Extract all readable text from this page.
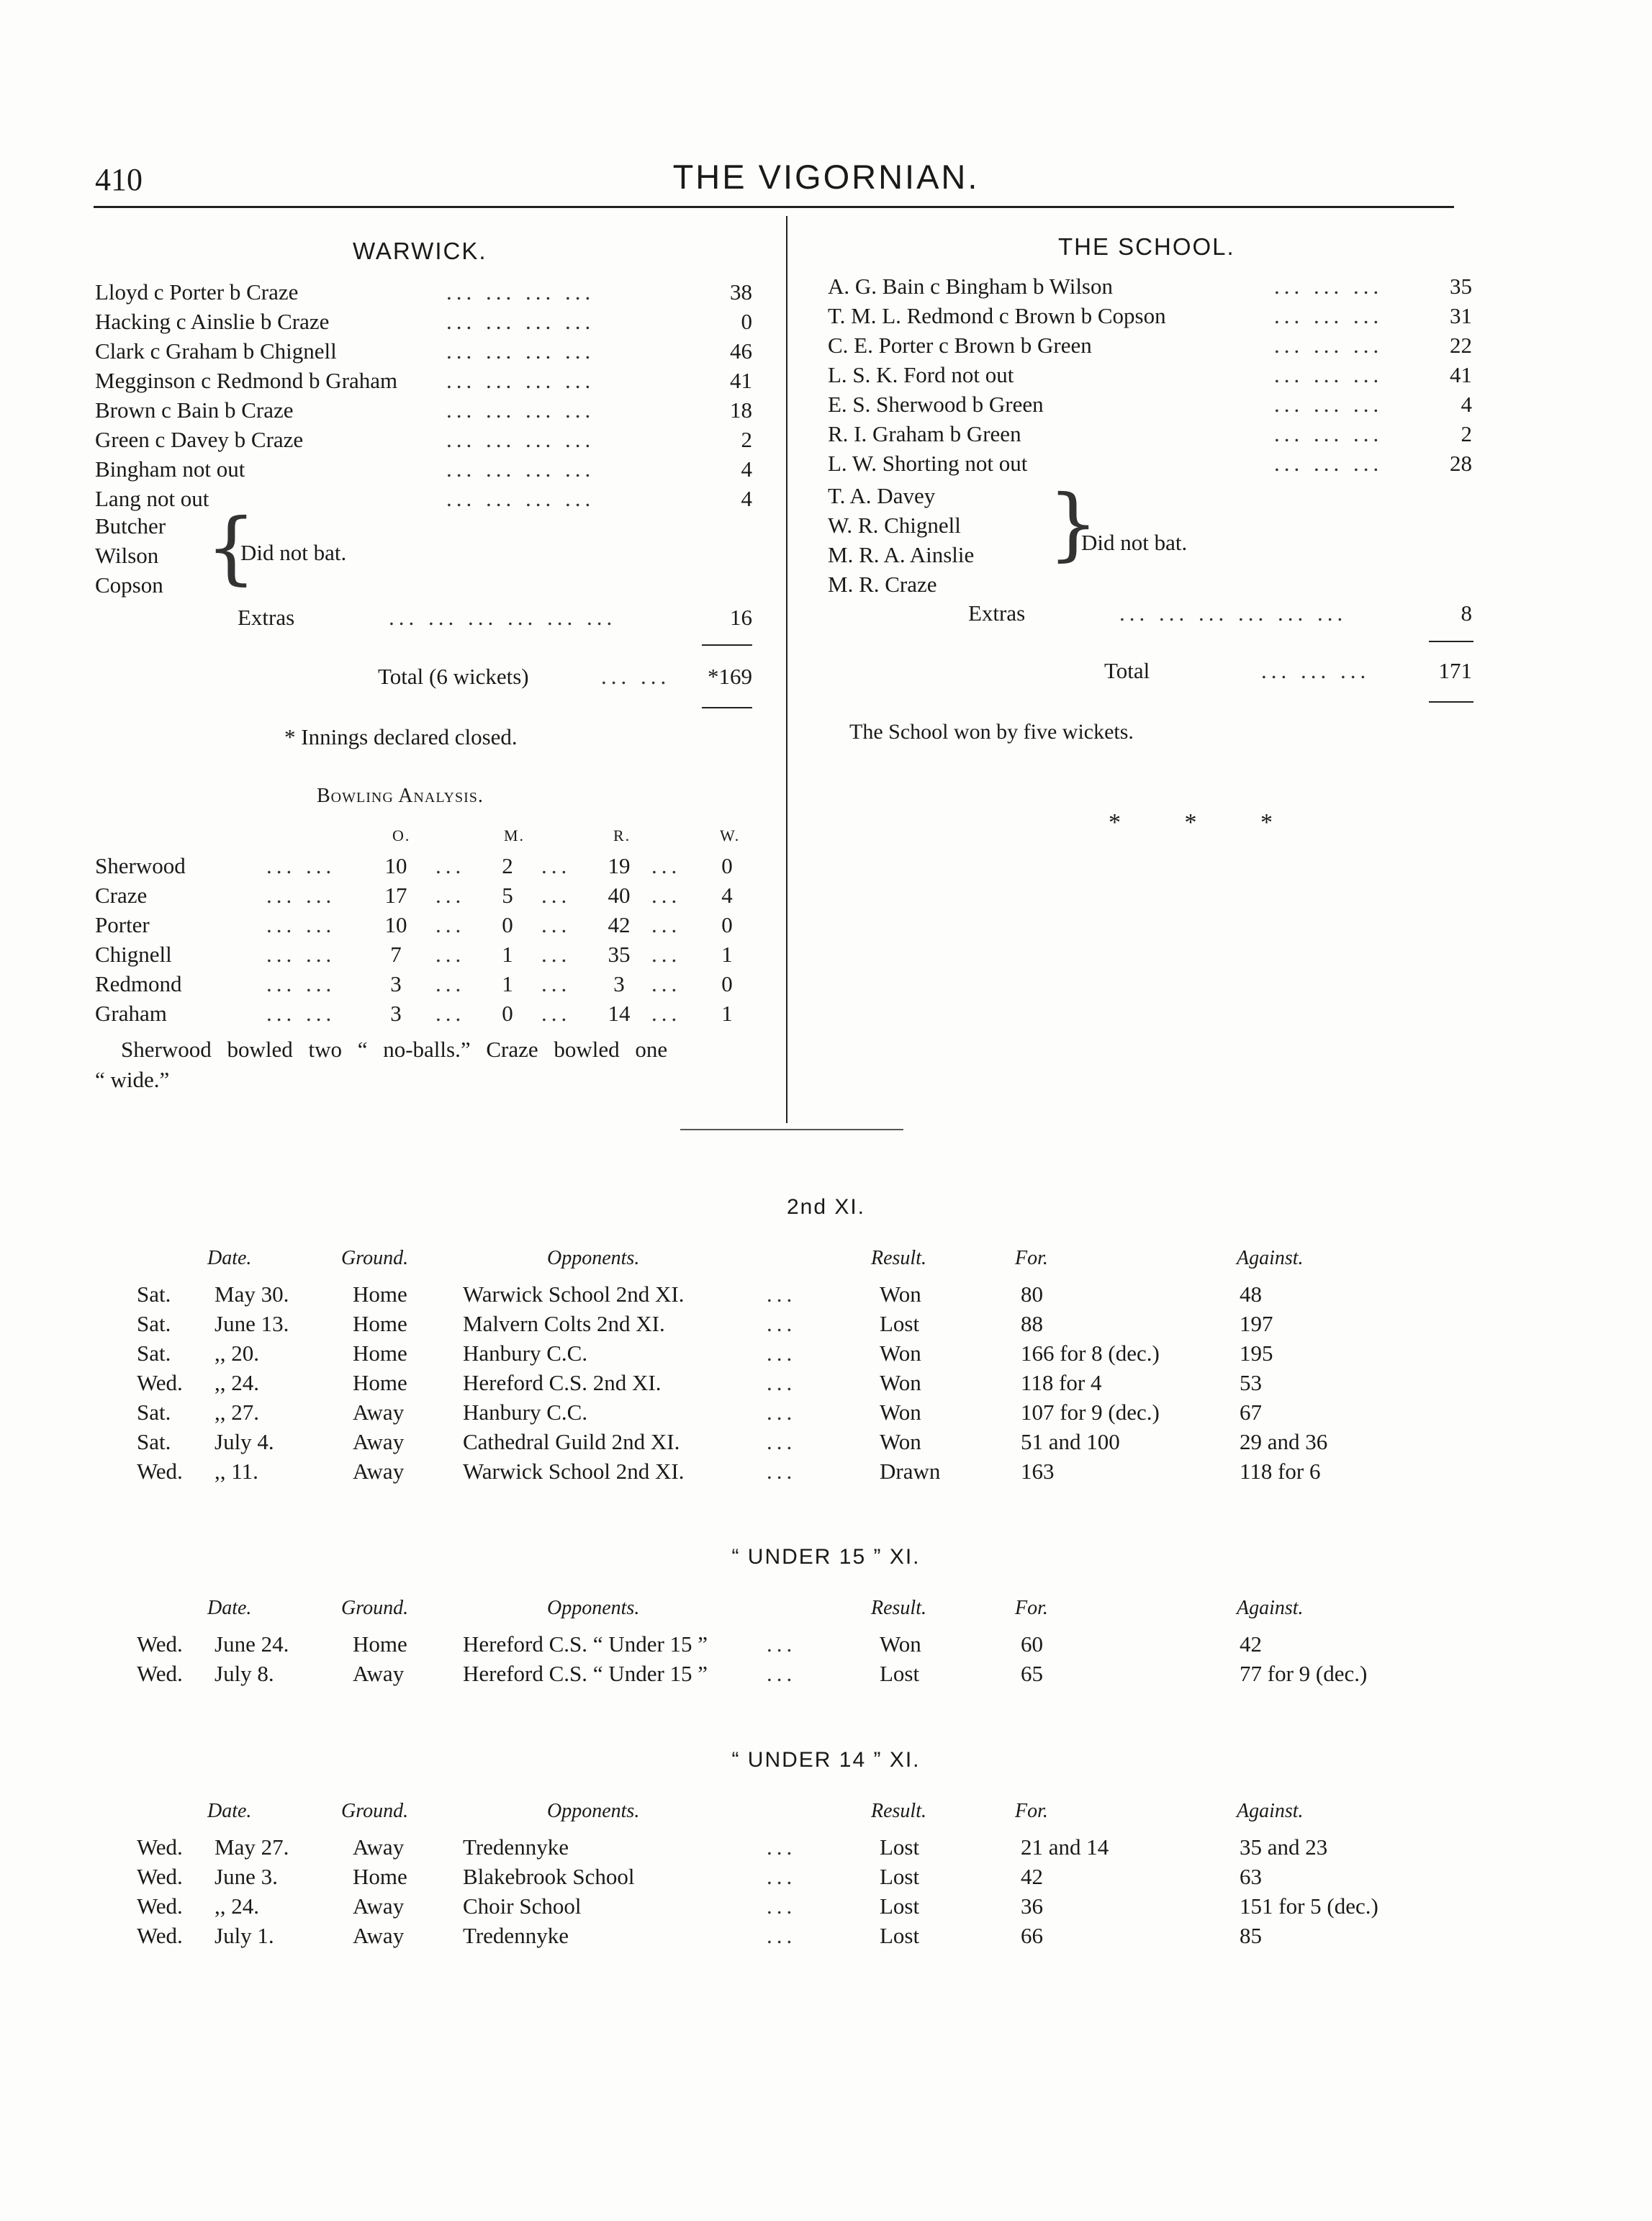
410	THE VIGORNIAN.
WARWICK.
Lloyd c Porter b Craze	... ... ... ...	38
Hacking c Ainslie b Craze	... ... ... ...	0
Clark c Graham b Chignell	... ... ... ...	46
Megginson c Redmond b Graham ... ... ... ...	41
Brown c Bain b Craze	... ... ... ...	18
Green c Davey b Craze	... ... ... ...	2
Bingham not out	... ... ... ...	4
Lang not out	... ... ... ...	4
Butcher
Wilson
Copson {
Did not bat.
Extras	... ... ... ... ... ...	16
Total (6 wickets)	... ...	*169
* Innings declared closed.
Bowling Analysis.
O.	M.	R.	W.
Sherwood	... ...	10	...	2	...	19 ...	0
Craze	... ...	17	...	5	...	40 ...	4
Porter	... ...	10	...	0	...	42 ...	0
Chignell	... ...	7	...	1	...	35 ...	1
Redmond	... ...	3	...	1	...	3	...	0
Graham	... ...	3	...	0	...	14 ...	1
Sherwood bowled two “ no-balls.” Craze bowled one
“ wide.”
THE SCHOOL.
A. G. Bain c Bingham b Wilson	... ... ...	35
T. M. L. Redmond c Brown b Copson	... ... ...	31
C. E. Porter c Brown b Green	... ... ...	22
L. S. K. Ford not out	... ... ...	41
E. S. Sherwood b Green	... ... ...	4
R. I. Graham b Green	... ... ...	2
L. W. Shorting not out	... ... ...	28
T. A. Davey
W. R. Chignell
M. R. A. Ainslie
M. R. Craze
}
Did not bat.
Extras	... ... ... ... ... ...	8
Total	... ... ...	171
The School won by five wickets.
* * *
2nd XI.
Date.	Ground.	Opponents.	Result.	For.	Against.
Sat. May 30.	Home Warwick School 2nd XI.	...	Won	80	48
Sat. June 13.	Home Malvern Colts 2nd XI.	...	Lost	88	197
Sat. ,, 20.	Home Hanbury C.C.	...	Won	166 for 8 (dec.)	195
Wed. ,, 24.	Home Hereford C.S. 2nd XI.	...	Won	118 for 4	53
Sat. ,, 27.	Away	Hanbury C.C.	...	Won	107 for 9 (dec.)	67
Sat. July 4.	Away	Cathedral Guild 2nd XI.	...	Won	51 and 100	29 and 36
Wed. ,, 11.	Away	Warwick School 2nd XI.	...	Drawn	163	118 for 6
“ UNDER 15 ” XI.
Date.	Ground.	Opponents.	Result.	For.	Against.
Wed. June 24.	Home Hereford C.S. “ Under 15 ”	...	Won	60	42
Wed. July 8.	Away	Hereford C.S. “ Under 15 ”	...	Lost	65	77 for 9 (dec.)
“ UNDER 14 ” XI.
Date.	Ground.	Opponents.	Result.	For.	Against.
Wed. May 27.	Away	Tredennyke	...	Lost	21 and 14	35 and 23
Wed. June 3.	Home Blakebrook School	...	Lost	42	63
Wed. ,, 24.	Away	Choir School	...	Lost	36	151 for 5 (dec.)
Wed. July 1.	Away	Tredennyke	...	Lost	66	85
